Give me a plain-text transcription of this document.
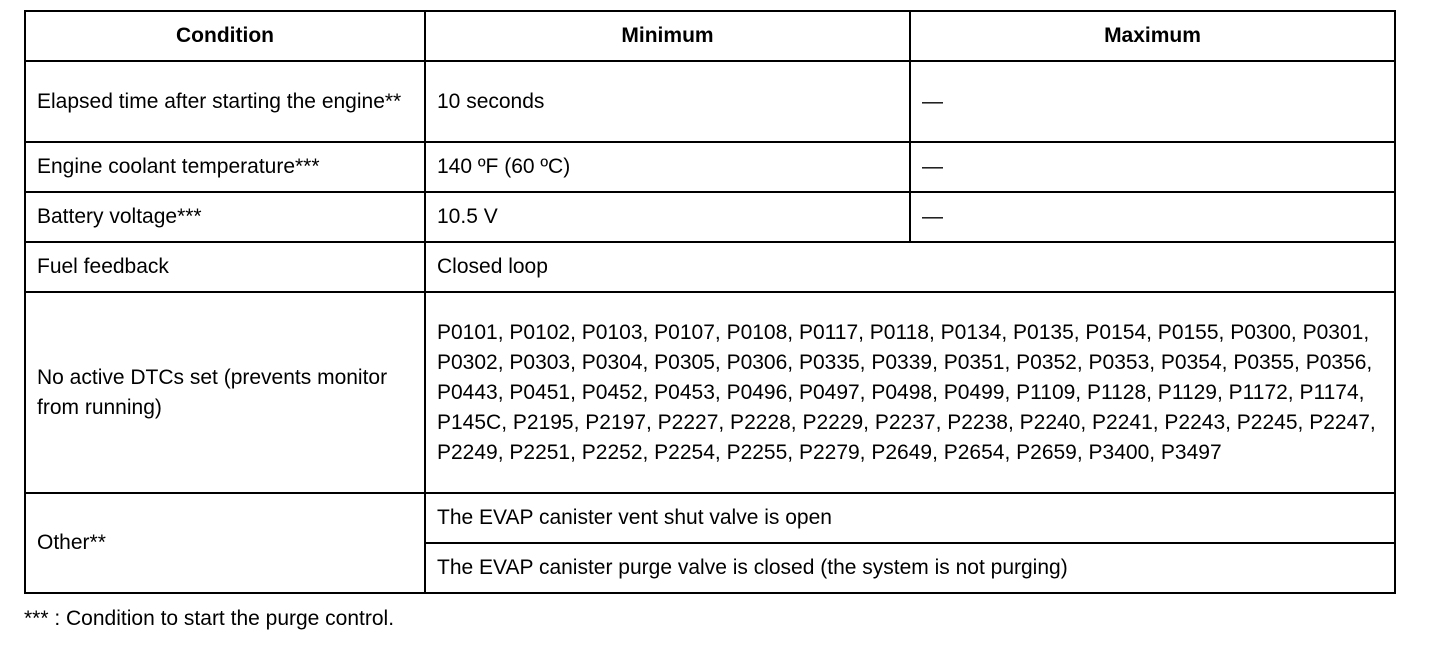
Condition	Minimum	Maximum
Elapsed time after starting the engine**	10 seconds	—
Engine coolant temperature***	140 ºF (60 ºC)	—
Battery voltage***	10.5 V	—
Fuel feedback	Closed loop	
No active DTCs set (prevents monitor from running)	P0101, P0102, P0103, P0107, P0108, P0117, P0118, P0134, P0135, P0154, P0155, P0300, P0301, P0302, P0303, P0304, P0305, P0306, P0335, P0339, P0351, P0352, P0353, P0354, P0355, P0356, P0443, P0451, P0452, P0453, P0496, P0497, P0498, P0499, P1109, P1128, P1129, P1172, P1174, P145C, P2195, P2197, P2227, P2228, P2229, P2237, P2238, P2240, P2241, P2243, P2245, P2247, P2249, P2251, P2252, P2254, P2255, P2279, P2649, P2654, P2659, P3400, P3497	
Other**	The EVAP canister vent shut valve is open	
	The EVAP canister purge valve is closed (the system is not purging)	
*** : Condition to start the purge control.
